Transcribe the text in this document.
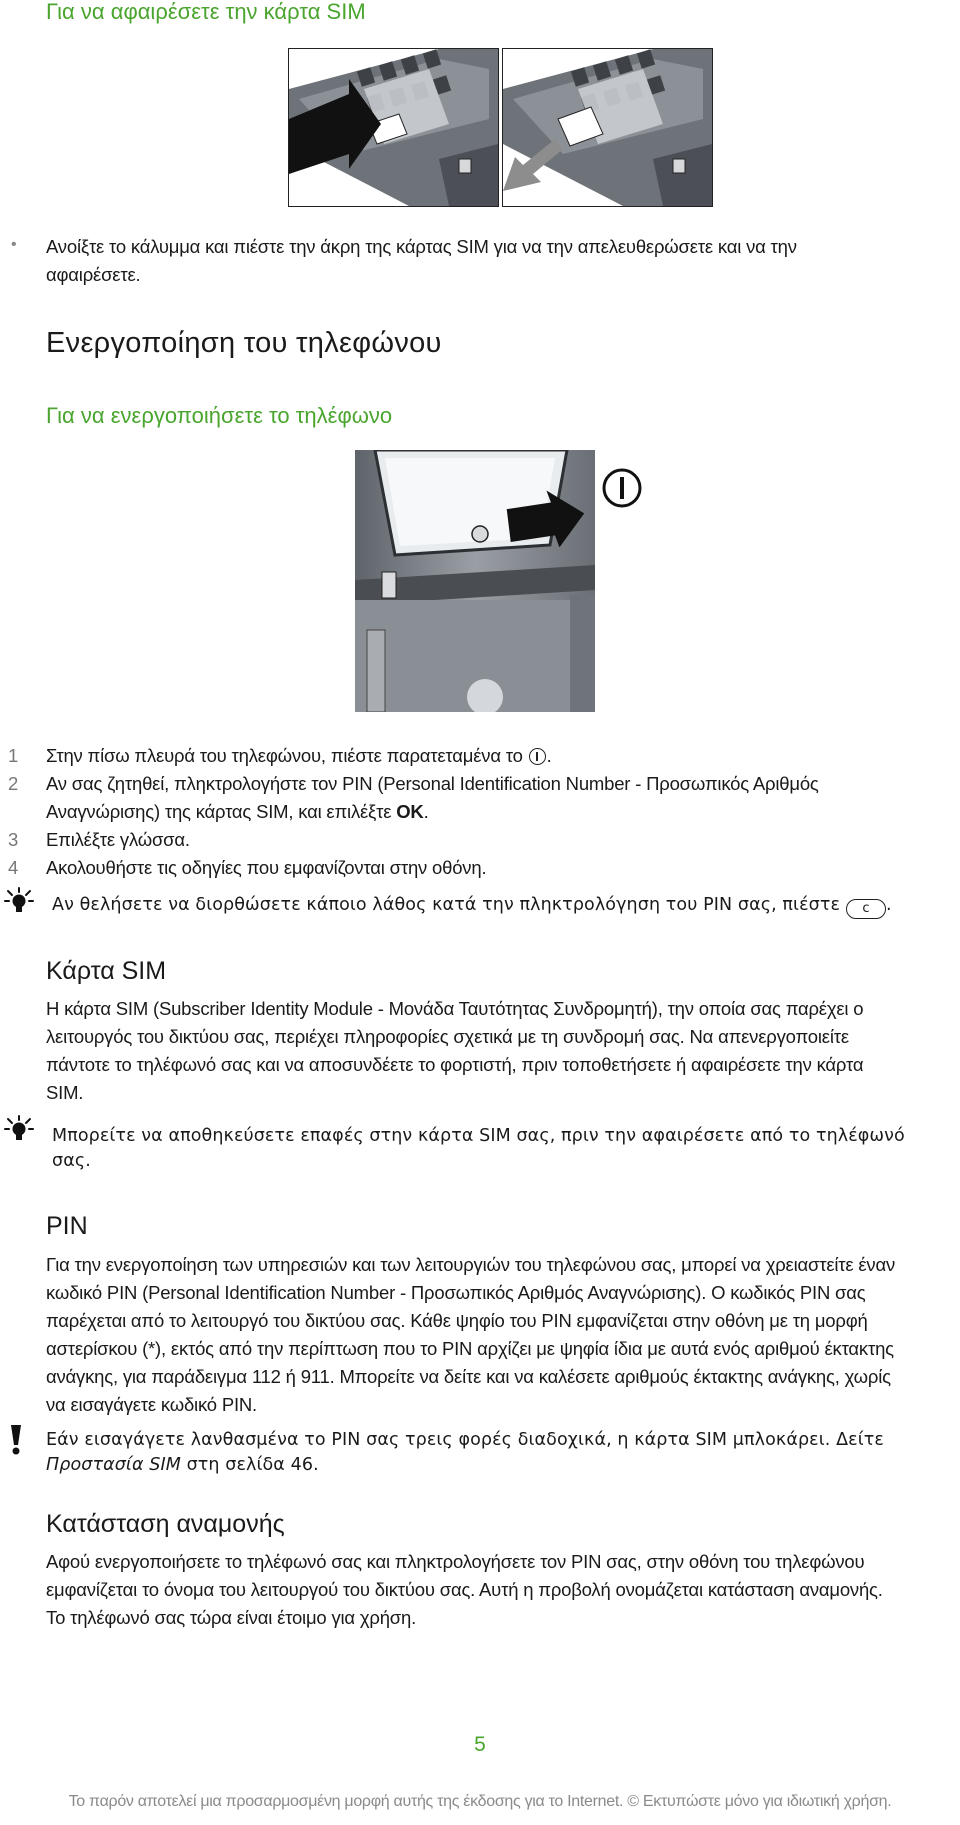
Για να αφαιρέσετε την κάρτα SIM
• Ανοίξτε το κάλυμμα και πιέστε την άκρη της κάρτας SIM για να την απελευθερώσετε και να την
αφαιρέσετε.
Ενεργοποίηση του τηλεφώνου
Για να ενεργοποιήσετε το τηλέφωνο
1 Στην πίσω πλευρά του τηλεφώνου, πιέστε παρατεταμένα το .
2 Αν σας ζητηθεί, πληκτρολογήστε τον PIN (Personal Identification Number - Προσωπικός Αριθμός
Αναγνώρισης) της κάρτας SIM, και επιλέξτε OK.
3 Επιλέξτε γλώσσα.
4 Ακολουθήστε τις οδηγίες που εμφανίζονται στην οθόνη.
Αν θελήσετε να διορθώσετε κάποιο λάθος κατά την πληκτρολόγηση του PIN σας, πιέστε c .
Κάρτα SIM
Η κάρτα SIM (Subscriber Identity Module - Μονάδα Ταυτότητας Συνδρομητή), την οποία σας παρέχει ο
λειτουργός του δικτύου σας, περιέχει πληροφορίες σχετικά με τη συνδρομή σας. Να απενεργοποιείτε
πάντοτε το τηλέφωνό σας και να αποσυνδέετε το φορτιστή, πριν τοποθετήσετε ή αφαιρέσετε την κάρτα
SIM.
Μπορείτε να αποθηκεύσετε επαφές στην κάρτα SIM σας, πριν την αφαιρέσετε από το τηλέφωνό
σας.
PIN
Για την ενεργοποίηση των υπηρεσιών και των λειτουργιών του τηλεφώνου σας, μπορεί να χρειαστείτε έναν
κωδικό PIN (Personal Identification Number - Προσωπικός Αριθμός Αναγνώρισης). Ο κωδικός PIN σας
παρέχεται από το λειτουργό του δικτύου σας. Κάθε ψηφίο του PIN εμφανίζεται στην οθόνη με τη μορφή
αστερίσκου (*), εκτός από την περίπτωση που το PIN αρχίζει με ψηφία ίδια με αυτά ενός αριθμού έκτακτης
ανάγκης, για παράδειγμα 112 ή 911. Μπορείτε να δείτε και να καλέσετε αριθμούς έκτακτης ανάγκης, χωρίς
να εισαγάγετε κωδικό PIN.
Εάν εισαγάγετε λανθασμένα το PIN σας τρεις φορές διαδοχικά, η κάρτα SIM μπλοκάρει. Δείτε
Προστασία SIM στη σελίδα 46.
Κατάσταση αναμονής
Αφού ενεργοποιήσετε το τηλέφωνό σας και πληκτρολογήσετε τον PIN σας, στην οθόνη του τηλεφώνου
εμφανίζεται το όνομα του λειτουργού του δικτύου σας. Αυτή η προβολή ονομάζεται κατάσταση αναμονής.
Το τηλέφωνό σας τώρα είναι έτοιμο για χρήση.
5
Το παρόν αποτελεί μια προσαρμοσμένη μορφή αυτής της έκδοσης για το Internet. © Εκτυπώστε μόνο για ιδιωτική χρήση.
